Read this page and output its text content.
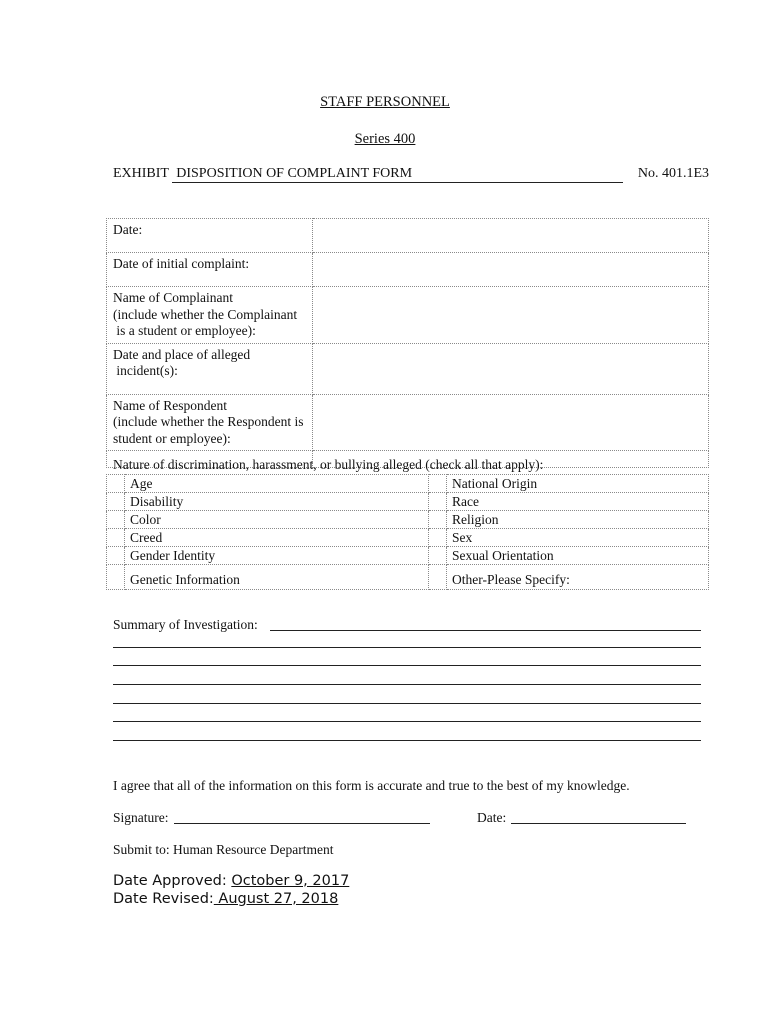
STAFF PERSONNEL
Series 400
EXHIBIT DISPOSITION OF COMPLAINT FORM	No. 401.1E3
Date:	
Date of initial complaint:	
Name of Complainant
(include whether the Complainant
is a student or employee):	
Date and place of alleged
incident(s):	
Name of Respondent
(include whether the Respondent is
student or employee):	

Nature of discrimination, harassment, or bullying alleged (check all that apply):
	Age		National Origin
	Disability		Race
	Color		Religion
	Creed		Sex
	Gender Identity		Sexual Orientation
	Genetic Information		Other-Please Specify:
Summary of Investigation:
I agree that all of the information on this form is accurate and true to the best of my knowledge.
Signature:	Date:
Submit to: Human Resource Department
Date Approved: October 9, 2017
Date Revised: August 27, 2018
